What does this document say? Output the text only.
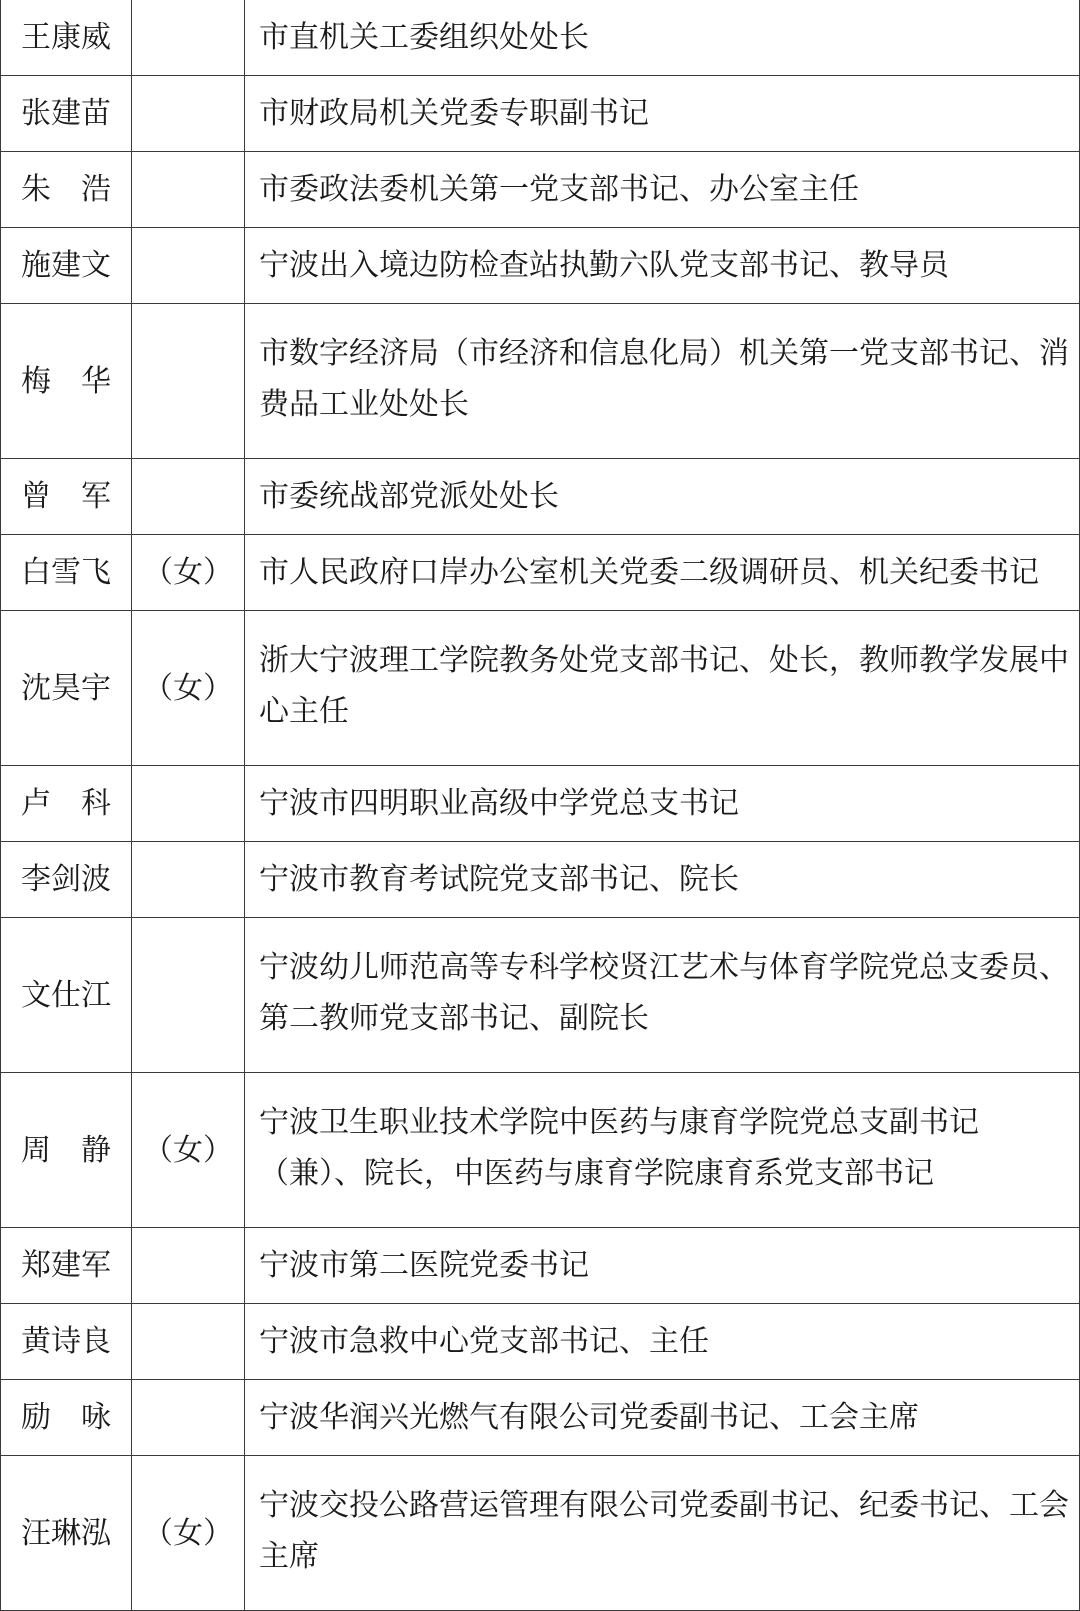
王康威		市直机关工委组织处处长
张建苗		市财政局机关党委专职副书记
朱　浩		市委政法委机关第一党支部书记、办公室主任
施建文		宁波出入境边防检查站执勤六队党支部书记、教导员
梅　华		市数字经济局（市经济和信息化局）机关第一党支部书记、消费品工业处处长
曾　军		市委统战部党派处处长
白雪飞	（女）	市人民政府口岸办公室机关党委二级调研员、机关纪委书记
沈昊宇	（女）	浙大宁波理工学院教务处党支部书记、处长，教师教学发展中心主任
卢　科		宁波市四明职业高级中学党总支书记
李剑波		宁波市教育考试院党支部书记、院长
文仕江		宁波幼儿师范高等专科学校贤江艺术与体育学院党总支委员、第二教师党支部书记、副院长
周　静	（女）	宁波卫生职业技术学院中医药与康育学院党总支副书记（兼）、院长，中医药与康育学院康育系党支部书记
郑建军		宁波市第二医院党委书记
黄诗良		宁波市急救中心党支部书记、主任
励　咏		宁波华润兴光燃气有限公司党委副书记、工会主席
汪琳泓	（女）	宁波交投公路营运管理有限公司党委副书记、纪委书记、工会主席
